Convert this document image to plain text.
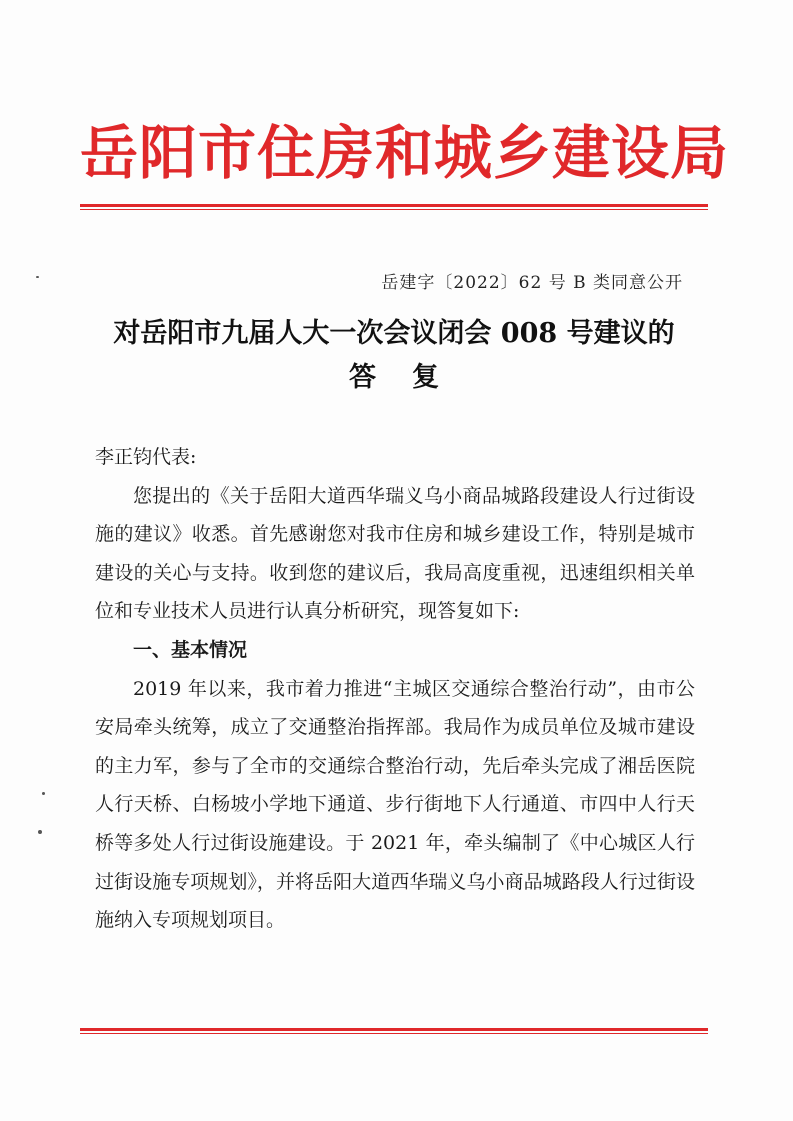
岳阳市住房和城乡建设局
岳建字〔2022〕62 号 B 类同意公开
对岳阳市九届人大一次会议闭会 008 号建议的
答复

李正钧代表:

您提出的《关于岳阳大道西华瑞义乌小商品城路段建设人行过街设施的建议》收悉。首先感谢您对我市住房和城乡建设工作，特别是城市建设的关心与支持。收到您的建议后，我局高度重视，迅速组织相关单位和专业技术人员进行认真分析研究，现答复如下:

一、基本情况

2019 年以来，我市着力推进“主城区交通综合整治行动”，由市公安局牵头统筹，成立了交通整治指挥部。我局作为成员单位及城市建设的主力军，参与了全市的交通综合整治行动，先后牵头完成了湘岳医院人行天桥、白杨坡小学地下通道、步行街地下人行通道、市四中人行天桥等多处人行过街设施建设。于 2021 年，牵头编制了《中心城区人行过街设施专项规划》，并将岳阳大道西华瑞义乌小商品城路段人行过街设施纳入专项规划项目。
